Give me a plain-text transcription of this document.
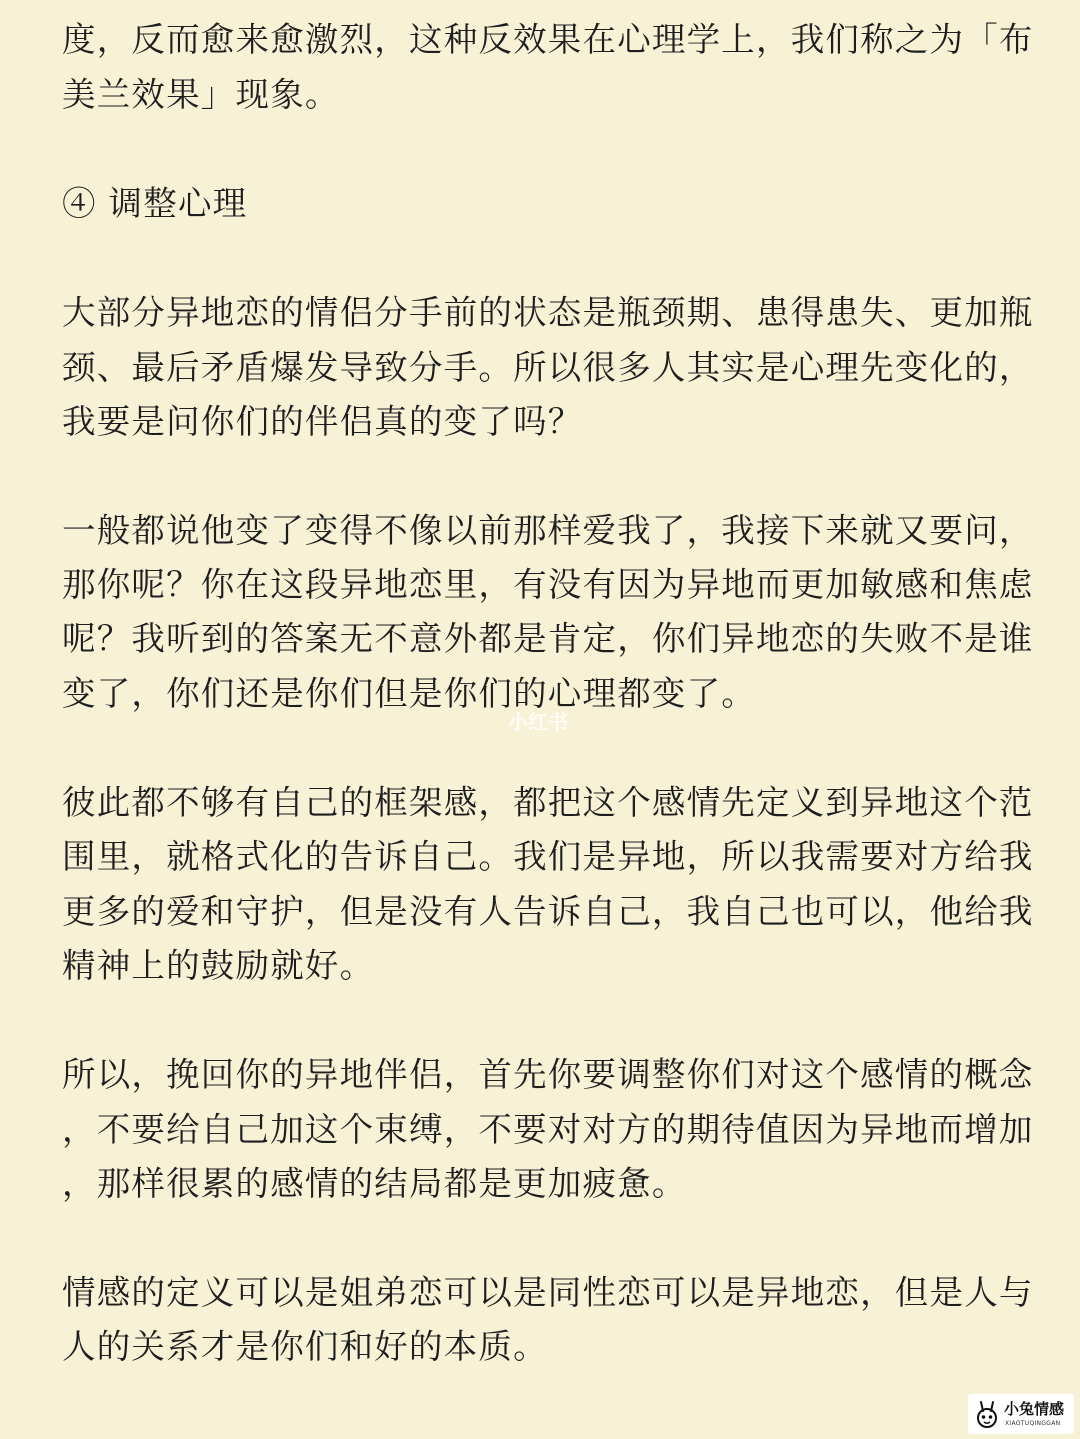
度，反而愈来愈激烈，这种反效果在心理学上，我们称之为「布
美兰效果」现象。
④ 调整心理
大部分异地恋的情侣分手前的状态是瓶颈期、患得患失、更加瓶
颈、最后矛盾爆发导致分手。所以很多人其实是心理先变化的，
我要是问你们的伴侣真的变了吗？
一般都说他变了变得不像以前那样爱我了，我接下来就又要问，
那你呢？你在这段异地恋里，有没有因为异地而更加敏感和焦虑
呢？我听到的答案无不意外都是肯定，你们异地恋的失败不是谁
变了，你们还是你们但是你们的心理都变了。
彼此都不够有自己的框架感，都把这个感情先定义到异地这个范
围里，就格式化的告诉自己。我们是异地，所以我需要对方给我
更多的爱和守护，但是没有人告诉自己，我自己也可以，他给我
精神上的鼓励就好。
所以，挽回你的异地伴侣，首先你要调整你们对这个感情的概念
，不要给自己加这个束缚，不要对对方的期待值因为异地而增加
，那样很累的感情的结局都是更加疲惫。
情感的定义可以是姐弟恋可以是同性恋可以是异地恋，但是人与
人的关系才是你们和好的本质。
小红书
小兔情感
XIAOTUQINGGAN
